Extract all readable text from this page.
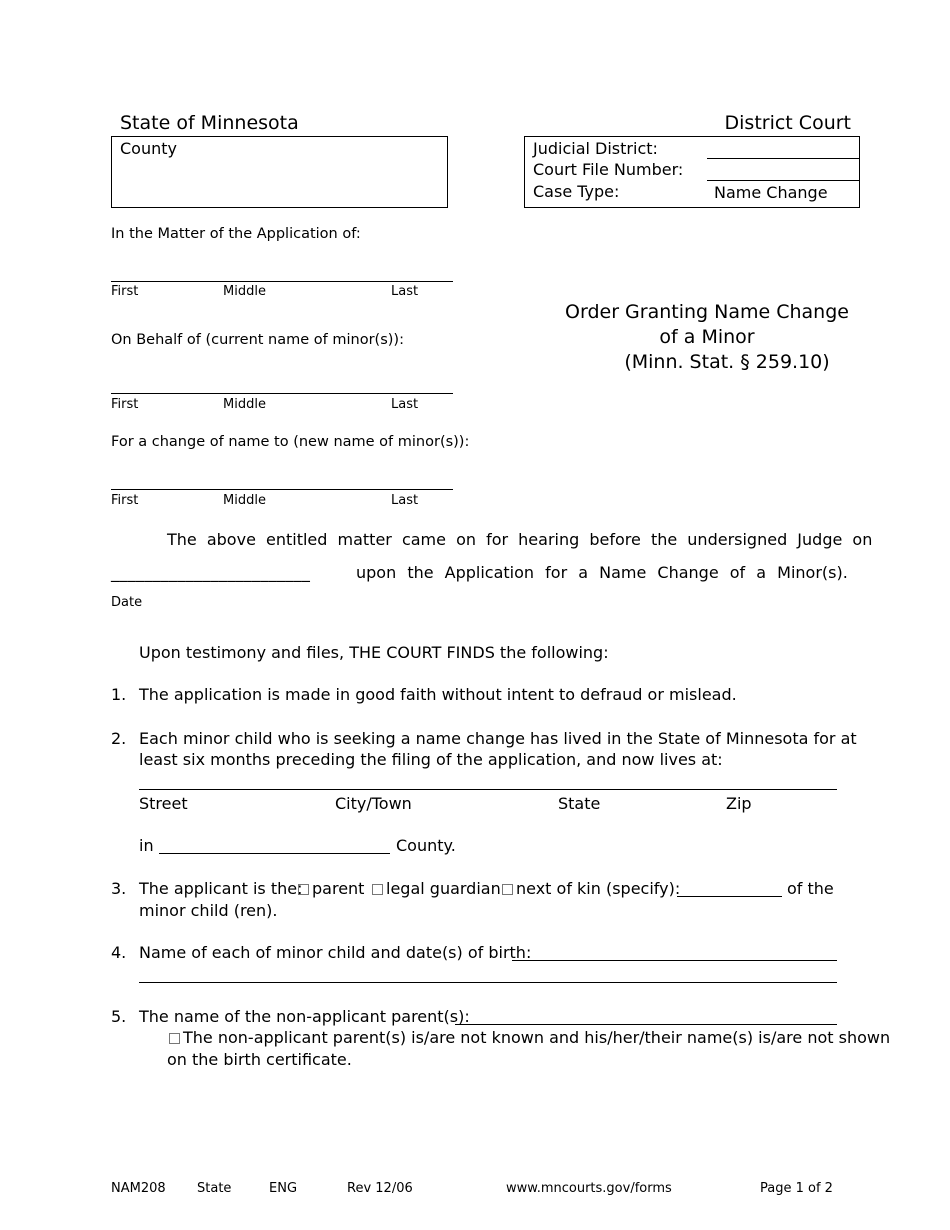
State of Minnesota	District Court
County	Judicial District:
Court File Number:
Case Type:	Name Change
In the Matter of the Application of:
First	Middle	Last
On Behalf of (current name of minor(s)):
First	Middle	Last
For a change of name to (new name of minor(s)):
First	Middle	Last
Order Granting Name Change
of a Minor
(Minn. Stat. § 259.10)
The above entitled matter came on for hearing before the undersigned Judge on
________________________	upon the Application for a Name Change of a Minor(s).
Date
Upon testimony and files, THE COURT FINDS the following:
1. The application is made in good faith without intent to defraud or mislead.
2. Each minor child who is seeking a name change has lived in the State of Minnesota for at
least six months preceding the filing of the application, and now lives at:
Street	City/Town	State	Zip
in	County.
3. The applicant is the: parent	legal guardian next of kin (specify):	of the
minor child (ren).
4. Name of each of minor child and date(s) of birth:
5. The name of the non-applicant parent(s):
The non-applicant parent(s) is/are not known and his/her/their name(s) is/are not shown
on the birth certificate.
NAM208 State	ENG	Rev 12/06	www.mncourts.gov/forms	Page 1 of 2
